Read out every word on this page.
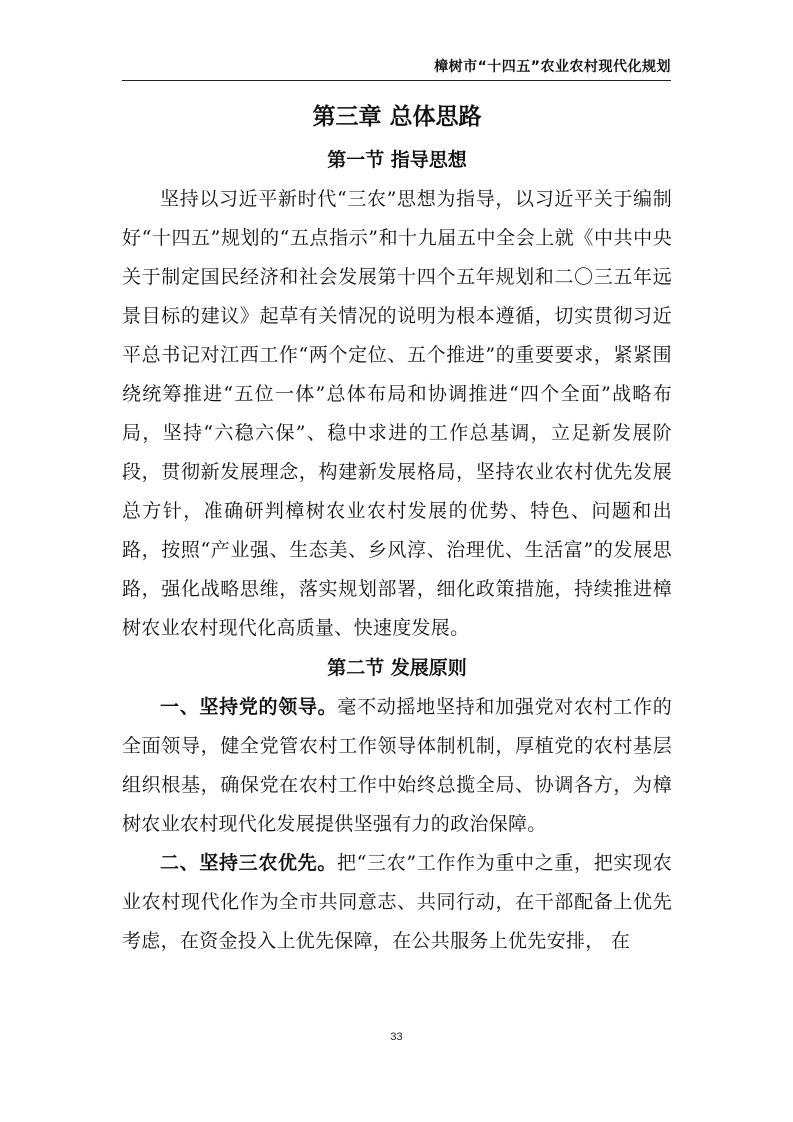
樟树市“十四五”农业农村现代化规划
第三章 总体思路
第一节 指导思想

坚持以习近平新时代“三农”思想为指导，以习近平关于编制好“十四五”规划的“五点指示”和十九届五中全会上就《中共中央关于制定国民经济和社会发展第十四个五年规划和二〇三五年远景目标的建议》起草有关情况的说明为根本遵循，切实贯彻习近平总书记对江西工作“两个定位、五个推进”的重要要求，紧紧围绕统筹推进“五位一体”总体布局和协调推进“四个全面”战略布局，坚持“六稳六保”、稳中求进的工作总基调，立足新发展阶段，贯彻新发展理念，构建新发展格局，坚持农业农村优先发展总方针，准确研判樟树农业农村发展的优势、特色、问题和出路，按照“产业强、生态美、乡风淳、治理优、生活富”的发展思路，强化战略思维，落实规划部署，细化政策措施，持续推进樟树农业农村现代化高质量、快速度发展。

第二节 发展原则

一、坚持党的领导。毫不动摇地坚持和加强党对农村工作的全面领导，健全党管农村工作领导体制机制，厚植党的农村基层组织根基，确保党在农村工作中始终总揽全局、协调各方，为樟树农业农村现代化发展提供坚强有力的政治保障。

二、坚持三农优先。把“三农”工作作为重中之重，把实现农业农村现代化作为全市共同意志、共同行动，在干部配备上优先考虑，在资金投入上优先保障，在公共服务上优先安排， 在

33
